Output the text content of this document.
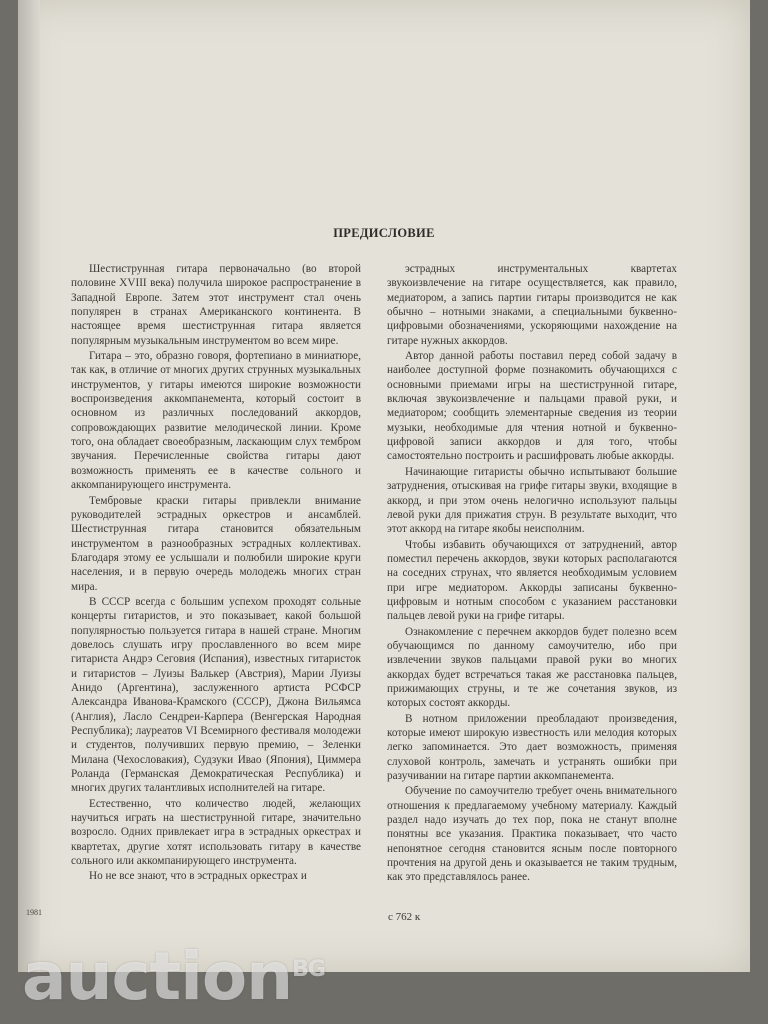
ПРЕДИСЛОВИЕ

Шестиструнная гитара первоначально (во второй половине XVIII века) получила широкое распространение в Западной Европе. Затем этот инструмент стал очень популярен в странах Американского континента. В настоящее время шестиструнная гитара является популярным музыкальным инструментом во всем мире.

Гитара – это, образно говоря, фортепиано в миниатюре, так как, в отличие от многих других струнных музыкальных инструментов, у гитары имеются широкие возможности воспроизведения аккомпанемента, который состоит в основном из различных последований аккордов, сопровождающих развитие мелодической линии. Кроме того, она обладает своеобразным, ласкающим слух тембром звучания. Перечисленные свойства гитары дают возможность применять ее в качестве сольного и аккомпанирующего инструмента.

Тембровые краски гитары привлекли внимание руководителей эстрадных оркестров и ансамблей. Шестиструнная гитара становится обязательным инструментом в разнообразных эстрадных коллективах. Благодаря этому ее услышали и полюбили широкие круги населения, и в первую очередь молодежь многих стран мира.

В СССР всегда с большим успехом проходят сольные концерты гитаристов, и это показывает, какой большой популярностью пользуется гитара в нашей стране. Многим довелось слушать игру прославленного во всем мире гитариста Андрэ Сеговия (Испания), известных гитаристок и гитаристов – Луизы Валькер (Австрия), Марии Луизы Анидо (Аргентина), заслуженного артиста РСФСР Александра Иванова-Крамского (СССР), Джона Вильямса (Англия), Ласло Сендреи-Карпера (Венгерская Народная Республика); лауреатов VI Всемирного фестиваля молодежи и студентов, получивших первую премию, – Зеленки Милана (Чехословакия), Судзуки Ивао (Япония), Циммера Роланда (Германская Демократическая Республика) и многих других талантливых исполнителей на гитаре.

Естественно, что количество людей, желающих научиться играть на шестиструнной гитаре, значительно возросло. Одних привлекает игра в эстрадных оркестрах и квартетах, другие хотят использовать гитару в качестве сольного или аккомпанирующего инструмента.

Но не все знают, что в эстрадных оркестрах и

эстрадных инструментальных квартетах звукоизвлечение на гитаре осуществляется, как правило, медиатором, а запись партии гитары производится не как обычно – нотными знаками, а специальными буквенно-цифровыми обозначениями, ускоряющими нахождение на гитаре нужных аккордов.

Автор данной работы поставил перед собой задачу в наиболее доступной форме познакомить обучающихся с основными приемами игры на шестиструнной гитаре, включая звукоизвлечение и пальцами правой руки, и медиатором; сообщить элементарные сведения из теории музыки, необходимые для чтения нотной и буквенно-цифровой записи аккордов и для того, чтобы самостоятельно построить и расшифровать любые аккорды.

Начинающие гитаристы обычно испытывают большие затруднения, отыскивая на грифе гитары звуки, входящие в аккорд, и при этом очень нелогично используют пальцы левой руки для прижатия струн. В результате выходит, что этот аккорд на гитаре якобы неисполним.

Чтобы избавить обучающихся от затруднений, автор поместил перечень аккордов, звуки которых располагаются на соседних струнах, что является необходимым условием при игре медиатором. Аккорды записаны буквенно-цифровым и нотным способом с указанием расстановки пальцев левой руки на грифе гитары.

Ознакомление с перечнем аккордов будет полезно всем обучающимся по данному самоучителю, ибо при извлечении звуков пальцами правой руки во многих аккордах будет встречаться такая же расстановка пальцев, прижимающих струны, и те же сочетания звуков, из которых состоят аккорды.

В нотном приложении преобладают произведения, которые имеют широкую известность или мелодия которых легко запоминается. Это дает возможность, применяя слуховой контроль, замечать и устранять ошибки при разучивании на гитаре партии аккомпанемента.

Обучение по самоучителю требует очень внимательного отношения к предлагаемому учебному материалу. Каждый раздел надо изучать до тех пор, пока не станут вполне понятны все указания. Практика показывает, что часто непонятное сегодня становится ясным после повторного прочтения на другой день и оказывается не таким трудным, как это представлялось ранее.

с 762 к
1981
auction$^{BG}$
